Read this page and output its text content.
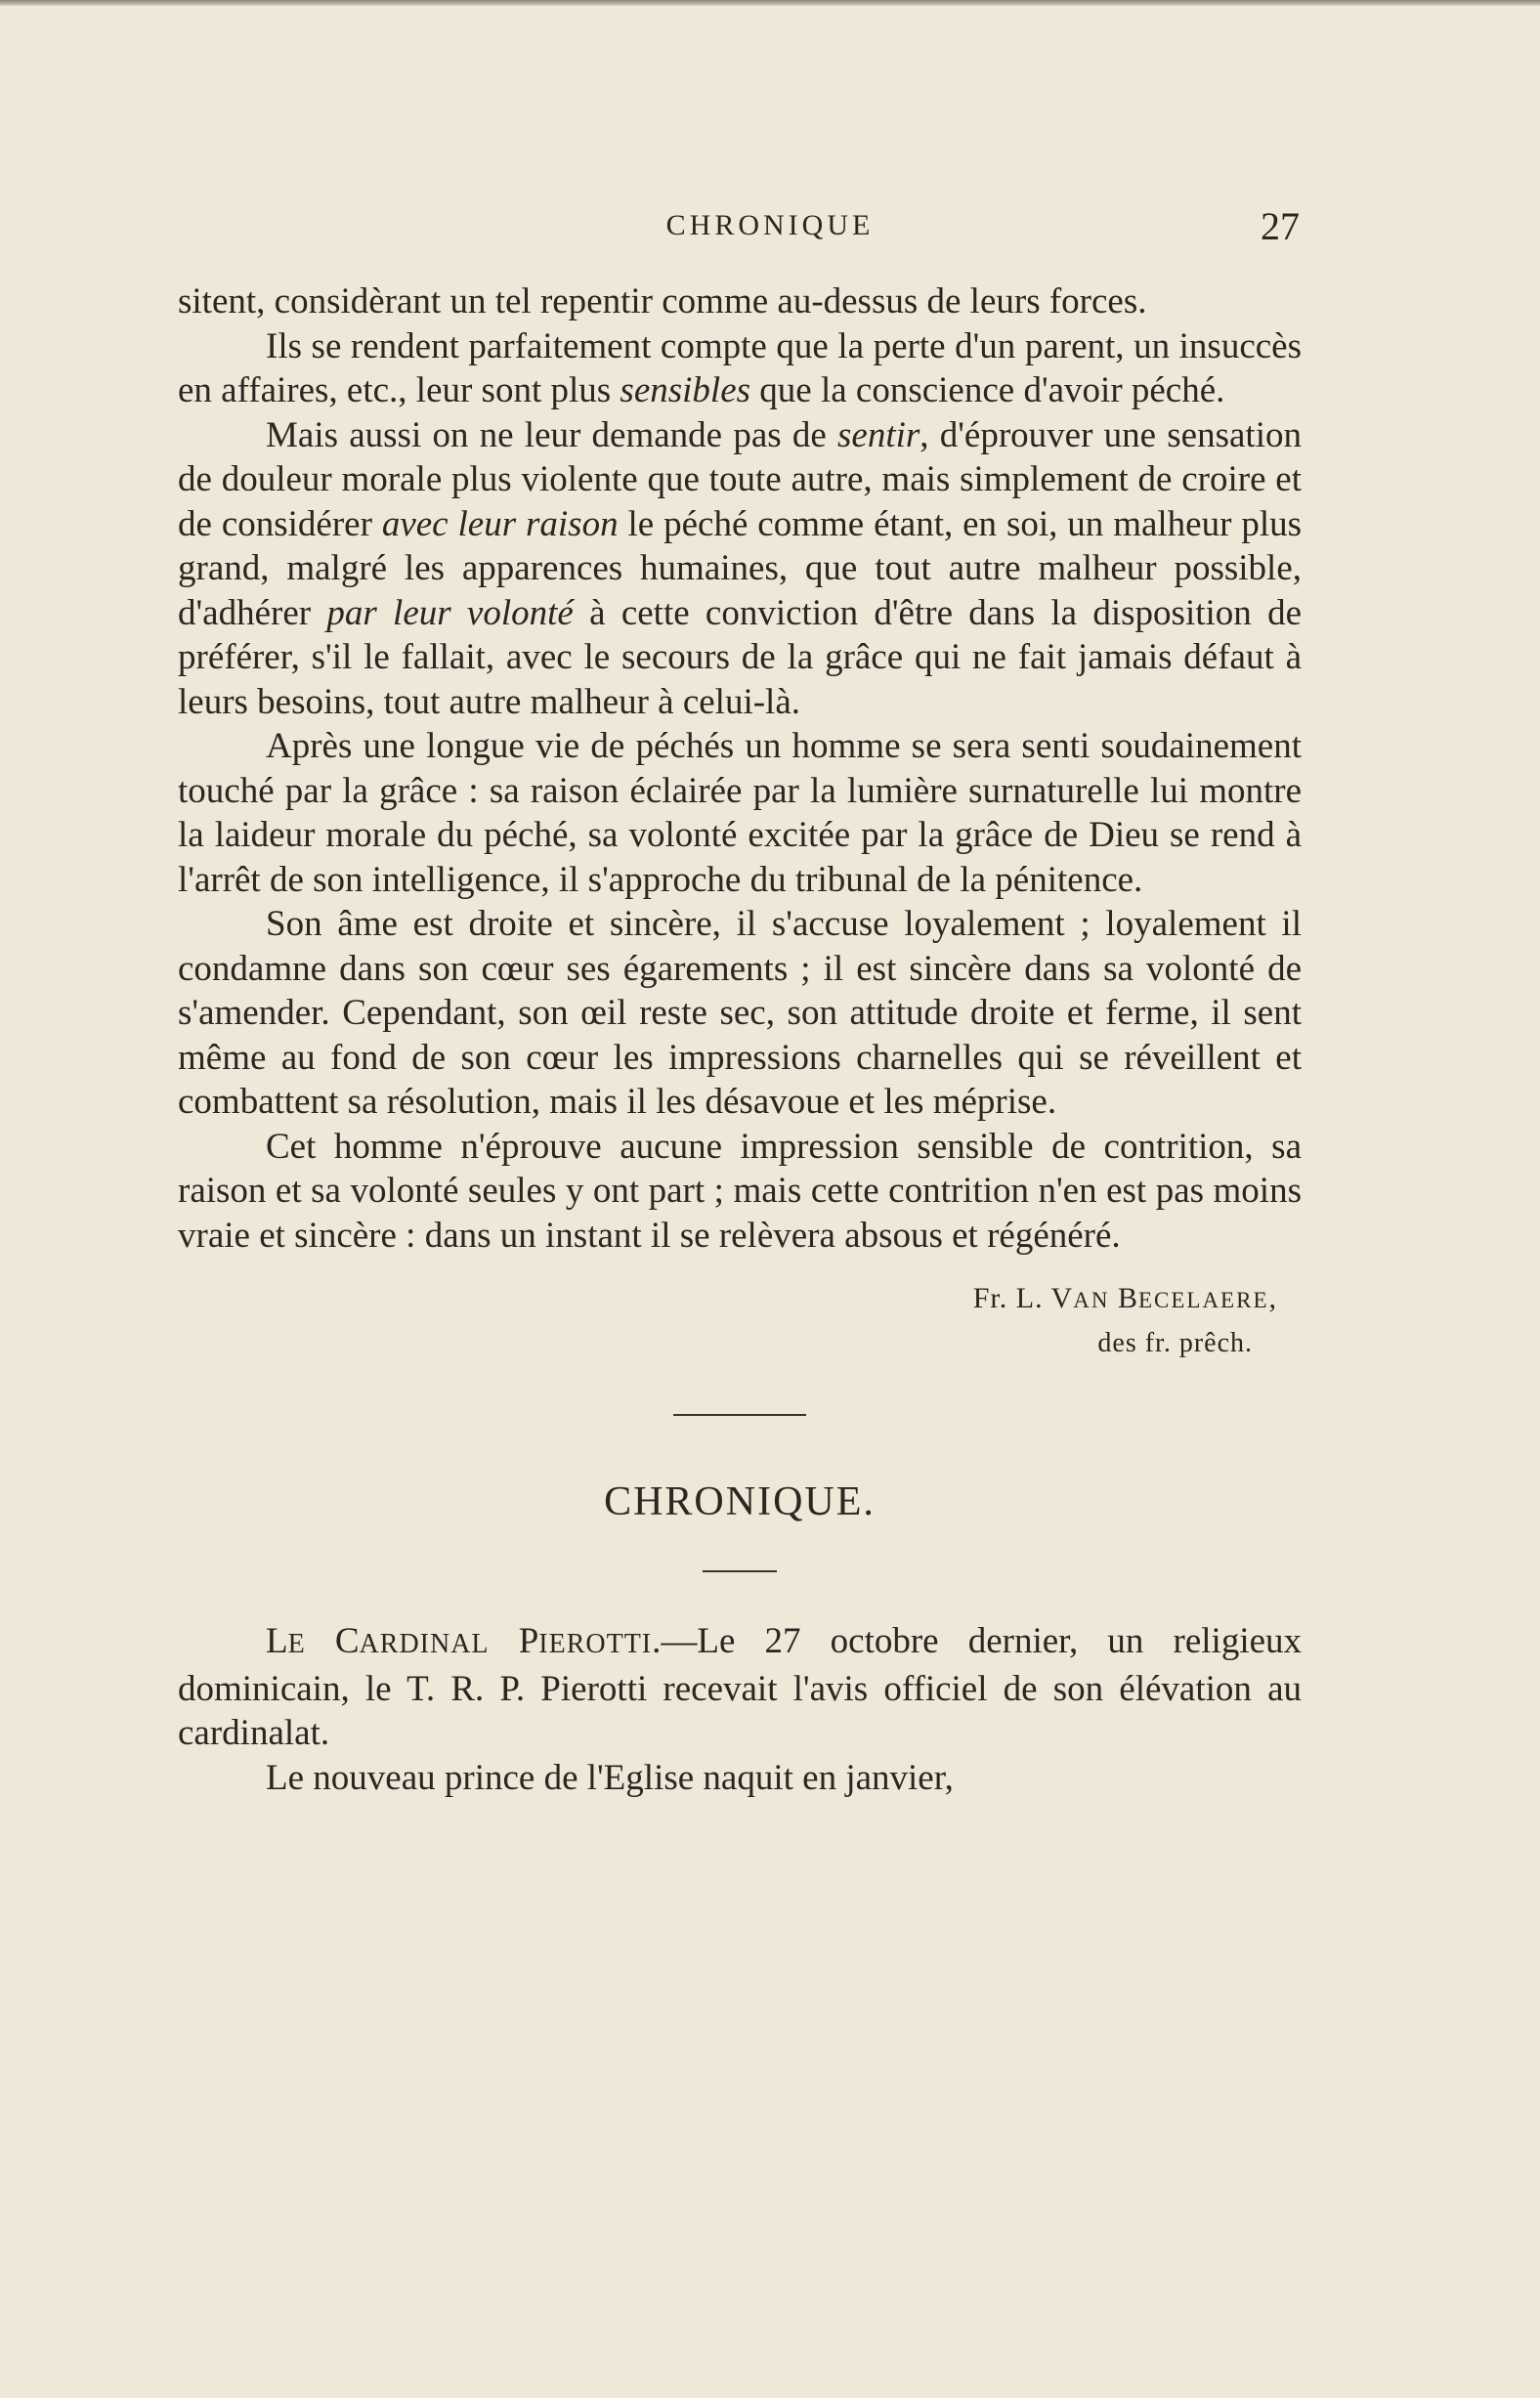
CHRONIQUE	27

sitent, considèrant un tel repentir comme au-dessus de leurs forces.

Ils se rendent parfaitement compte que la perte d'un parent, un insuccès en affaires, etc., leur sont plus sensibles que la conscience d'avoir péché.

Mais aussi on ne leur demande pas de sentir, d'éprouver une sensation de douleur morale plus violente que toute autre, mais simplement de croire et de considérer avec leur raison le péché comme étant, en soi, un malheur plus grand, malgré les apparences humaines, que tout autre malheur possible, d'adhérer par leur volonté à cette conviction d'être dans la disposition de préférer, s'il le fallait, avec le secours de la grâce qui ne fait jamais défaut à leurs besoins, tout autre malheur à celui-là.

Après une longue vie de péchés un homme se sera senti soudainement touché par la grâce : sa raison éclairée par la lumière surnaturelle lui montre la laideur morale du péché, sa volonté excitée par la grâce de Dieu se rend à l'arrêt de son intelligence, il s'approche du tribunal de la pénitence.

Son âme est droite et sincère, il s'accuse loyalement ; loyalement il condamne dans son cœur ses égarements ; il est sincère dans sa volonté de s'amender. Cependant, son œil reste sec, son attitude droite et ferme, il sent même au fond de son cœur les impressions charnelles qui se réveillent et combattent sa résolution, mais il les désavoue et les méprise.

Cet homme n'éprouve aucune impression sensible de contrition, sa raison et sa volonté seules y ont part ; mais cette contrition n'en est pas moins vraie et sincère : dans un instant il se relèvera absous et régénéré.

Fr. L. VAN BECELAERE,
des fr. prêch.
CHRONIQUE.

LE CARDINAL PIEROTTI.—Le 27 octobre dernier, un religieux dominicain, le T. R. P. Pierotti recevait l'avis officiel de son élévation au cardinalat.

Le nouveau prince de l'Eglise naquit en janvier,
